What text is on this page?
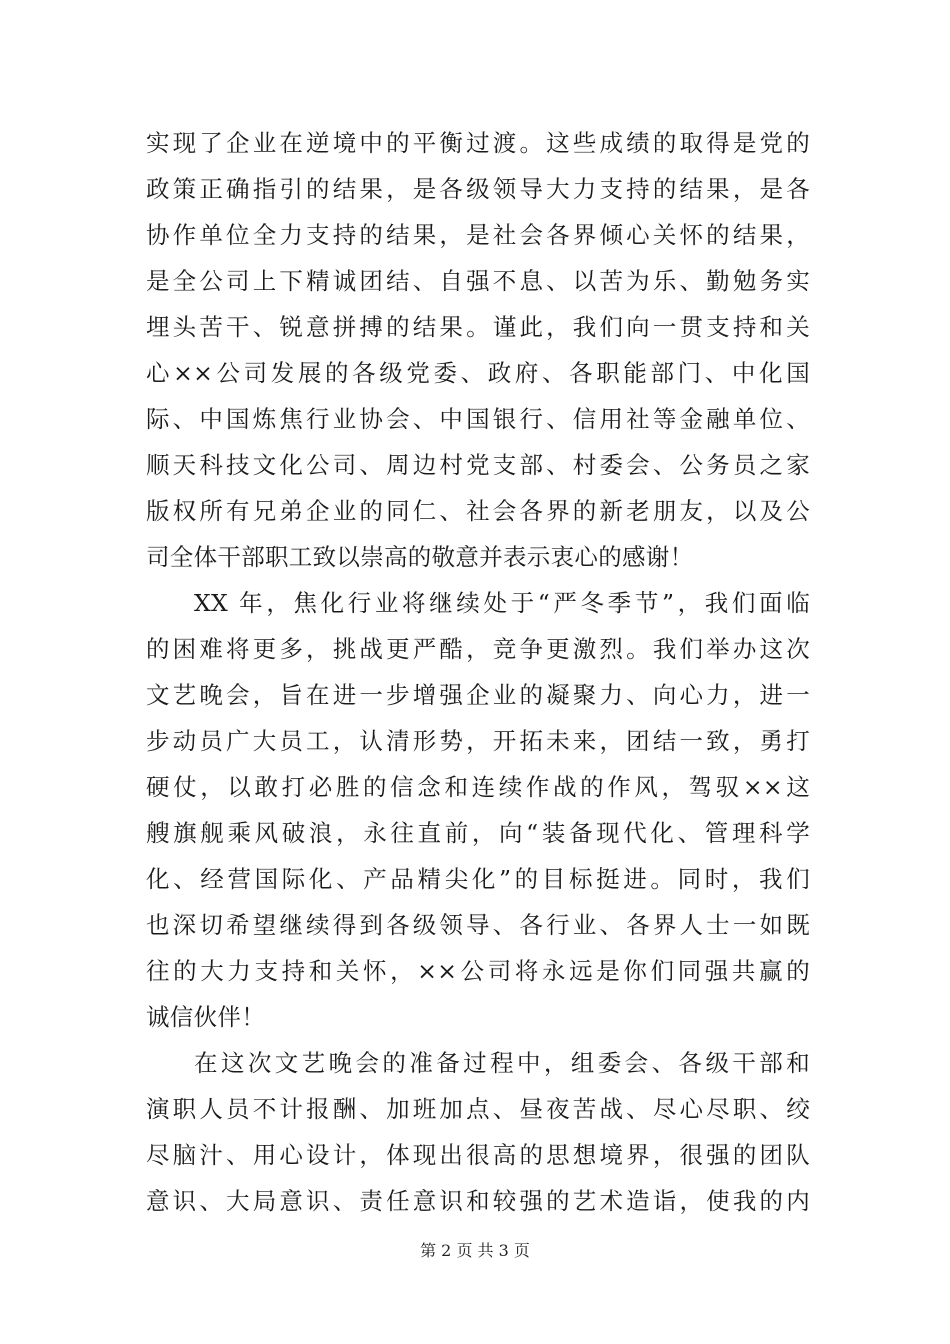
实现了企业在逆境中的平衡过渡。这些成绩的取得是党的
政策正确指引的结果，是各级领导大力支持的结果，是各
协作单位全力支持的结果，是社会各界倾心关怀的结果，
是全公司上下精诚团结、自强不息、以苦为乐、勤勉务实
埋头苦干、锐意拼搏的结果。谨此，我们向一贯支持和关
心××公司发展的各级党委、政府、各职能部门、中化国
际、中国炼焦行业协会、中国银行、信用社等金融单位、
顺天科技文化公司、周边村党支部、村委会、公务员之家
版权所有兄弟企业的同仁、社会各界的新老朋友，以及公
司全体干部职工致以崇高的敬意并表示衷心的感谢！
XX 年，焦化行业将继续处于“严冬季节”，我们面临
的困难将更多，挑战更严酷，竞争更激烈。我们举办这次
文艺晚会，旨在进一步增强企业的凝聚力、向心力，进一
步动员广大员工，认清形势，开拓未来，团结一致，勇打
硬仗，以敢打必胜的信念和连续作战的作风，驾驭××这
艘旗舰乘风破浪，永往直前，向“装备现代化、管理科学
化、经营国际化、产品精尖化”的目标挺进。同时，我们
也深切希望继续得到各级领导、各行业、各界人士一如既
往的大力支持和关怀，××公司将永远是你们同强共赢的
诚信伙伴！
在这次文艺晚会的准备过程中，组委会、各级干部和
演职人员不计报酬、加班加点、昼夜苦战、尽心尽职、绞
尽脑汁、用心设计，体现出很高的思想境界，很强的团队
意识、大局意识、责任意识和较强的艺术造诣，使我的内
第 2 页 共 3 页
